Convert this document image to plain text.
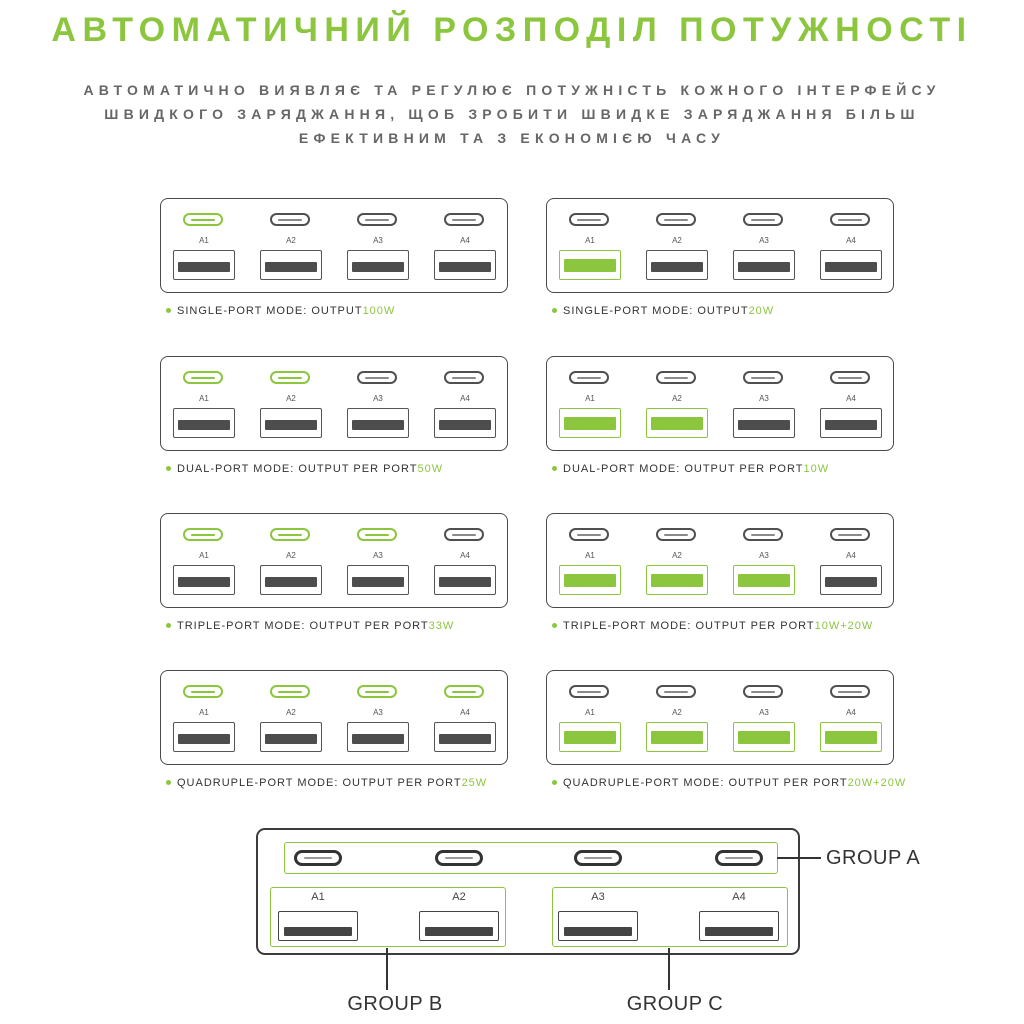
АВТОМАТИЧНИЙ РОЗПОДІЛ ПОТУЖНОСТІ
АВТОМАТИЧНО ВИЯВЛЯЄ ТА РЕГУЛЮЄ ПОТУЖНІСТЬ КОЖНОГО ІНТЕРФЕЙСУ
ШВИДКОГО ЗАРЯДЖАННЯ, ЩОБ ЗРОБИТИ ШВИДКЕ ЗАРЯДЖАННЯ БІЛЬШ
ЕФЕКТИВНИМ ТА З ЕКОНОМІЄЮ ЧАСУ
A1	A2	A3	A4
SINGLE-PORT MODE: OUTPUT100W
A1	A2	A3	A4
DUAL-PORT MODE: OUTPUT PER PORT50W
A1	A2	A3	A4
TRIPLE-PORT MODE: OUTPUT PER PORT33W
A1	A2	A3	A4
QUADRUPLE-PORT MODE: OUTPUT PER PORT25W
A1	A2	A3	A4
SINGLE-PORT MODE: OUTPUT20W
A1	A2	A3	A4
DUAL-PORT MODE: OUTPUT PER PORT10W
A1	A2	A3	A4
TRIPLE-PORT MODE: OUTPUT PER PORT10W+20W
A1	A2	A3	A4
QUADRUPLE-PORT MODE: OUTPUT PER PORT20W+20W
GROUP A
A1	A2	A3	A4
GROUP B	GROUP C
